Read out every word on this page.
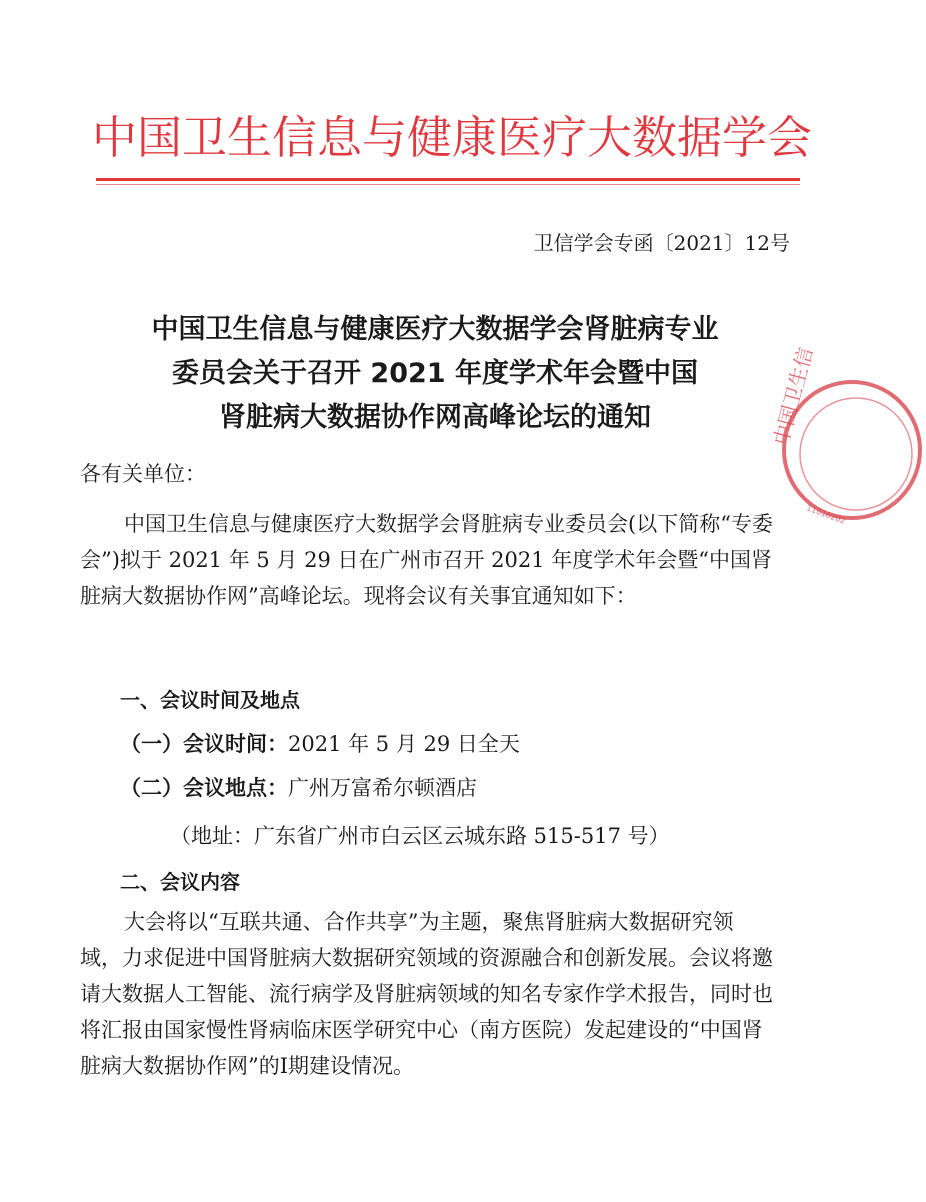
中国卫生信息与健康医疗大数据学会
卫信学会专函〔2021〕12号
中国卫生信息与健康医疗大数据学会肾脏病专业
委员会关于召开 2021 年度学术年会暨中国
肾脏病大数据协作网高峰论坛的通知

各有关单位：

中国卫生信息与健康医疗大数据学会肾脏病专业委员会(以下简称“专委会”)拟于 2021 年 5 月 29 日在广州市召开 2021 年度学术年会暨“中国肾脏病大数据协作网”高峰论坛。现将会议有关事宜通知如下：

一、会议时间及地点

（一）会议时间：2021 年 5 月 29 日全天

（二）会议地点：广州万富希尔顿酒店

（地址：广东省广州市白云区云城东路 515-517 号）

二、会议内容

大会将以“互联共通、合作共享”为主题，聚焦肾脏病大数据研究领域，力求促进中国肾脏病大数据研究领域的资源融合和创新发展。会议将邀请大数据人工智能、流行病学及肾脏病领域的知名专家作学术报告，同时也将汇报由国家慢性肾病临床医学研究中心（南方医院）发起建设的“中国肾脏病大数据协作网”的Ⅰ期建设情况。

中国卫生信
11010202
